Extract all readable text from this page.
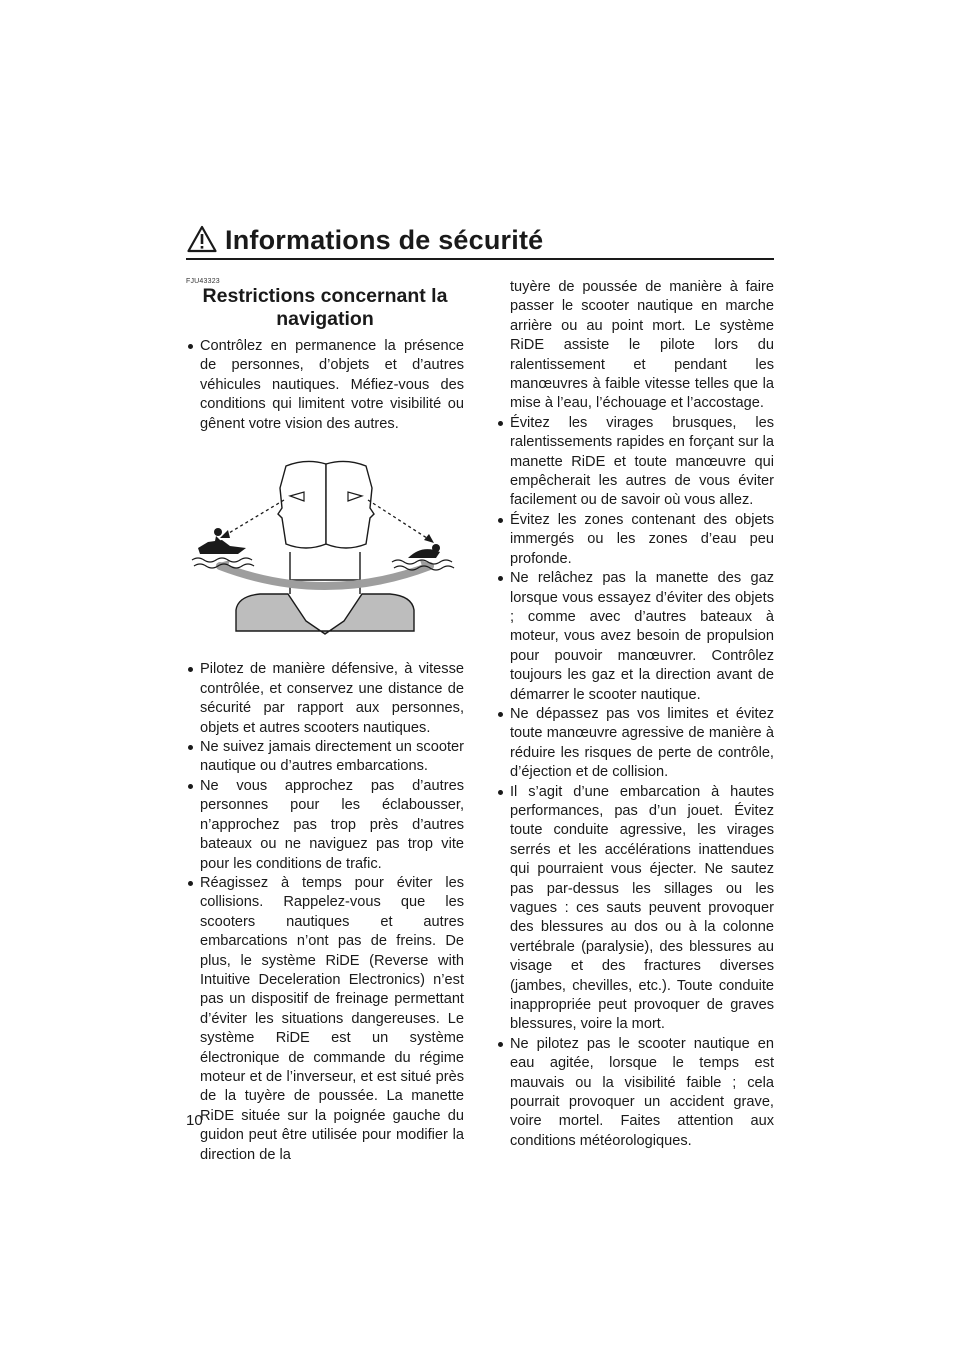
Informations de sécurité
FJU43323
Restrictions concernant la navigation
Contrôlez en permanence la présence de personnes, d’objets et d’autres véhicules nautiques. Méfiez-vous des conditions qui limitent votre visibilité ou gênent votre vision des autres.
Pilotez de manière défensive, à vitesse contrôlée, et conservez une distance de sécurité par rapport aux personnes, objets et autres scooters nautiques.
Ne suivez jamais directement un scooter nautique ou d’autres embarcations.
Ne vous approchez pas d’autres personnes pour les éclabousser, n’approchez pas trop près d’autres bateaux ou ne naviguez pas trop vite pour les conditions de trafic.
Réagissez à temps pour éviter les collisions. Rappelez-vous que les scooters nautiques et autres embarcations n’ont pas de freins. De plus, le système RiDE (Reverse with Intuitive Deceleration Electronics) n’est pas un dispositif de freinage permettant d’éviter les situations dangereuses. Le système RiDE est un système électronique de commande du régime moteur et de l’inverseur, et est situé près de la tuyère de poussée. La manette RiDE située sur la poignée gauche du guidon peut être utilisée pour modifier la direction de la

tuyère de poussée de manière à faire passer le scooter nautique en marche arrière ou au point mort. Le système RiDE assiste le pilote lors du ralentissement et pendant les manœuvres à faible vitesse telles que la mise à l’eau, l’échouage et l’accostage.

Évitez les virages brusques, les ralentissements rapides en forçant sur la manette RiDE et toute manœuvre qui empêcherait les autres de vous éviter facilement ou de savoir où vous allez.
Évitez les zones contenant des objets immergés ou les zones d’eau peu profonde.
Ne relâchez pas la manette des gaz lorsque vous essayez d’éviter des objets ; comme avec d’autres bateaux à moteur, vous avez besoin de propulsion pour pouvoir manœuvrer. Contrôlez toujours les gaz et la direction avant de démarrer le scooter nautique.
Ne dépassez pas vos limites et évitez toute manœuvre agressive de manière à réduire les risques de perte de contrôle, d’éjection et de collision.
Il s’agit d’une embarcation à hautes performances, pas d’un jouet. Évitez toute conduite agressive, les virages serrés et les accélérations inattendues qui pourraient vous éjecter. Ne sautez pas par-dessus les sillages ou les vagues : ces sauts peuvent provoquer des blessures au dos ou à la colonne vertébrale (paralysie), des blessures au visage et des fractures diverses (jambes, chevilles, etc.). Toute conduite inappropriée peut provoquer de graves blessures, voire la mort.
Ne pilotez pas le scooter nautique en eau agitée, lorsque le temps est mauvais ou la visibilité faible ; cela pourrait provoquer un accident grave, voire mortel. Faites attention aux conditions météorologiques.
10
